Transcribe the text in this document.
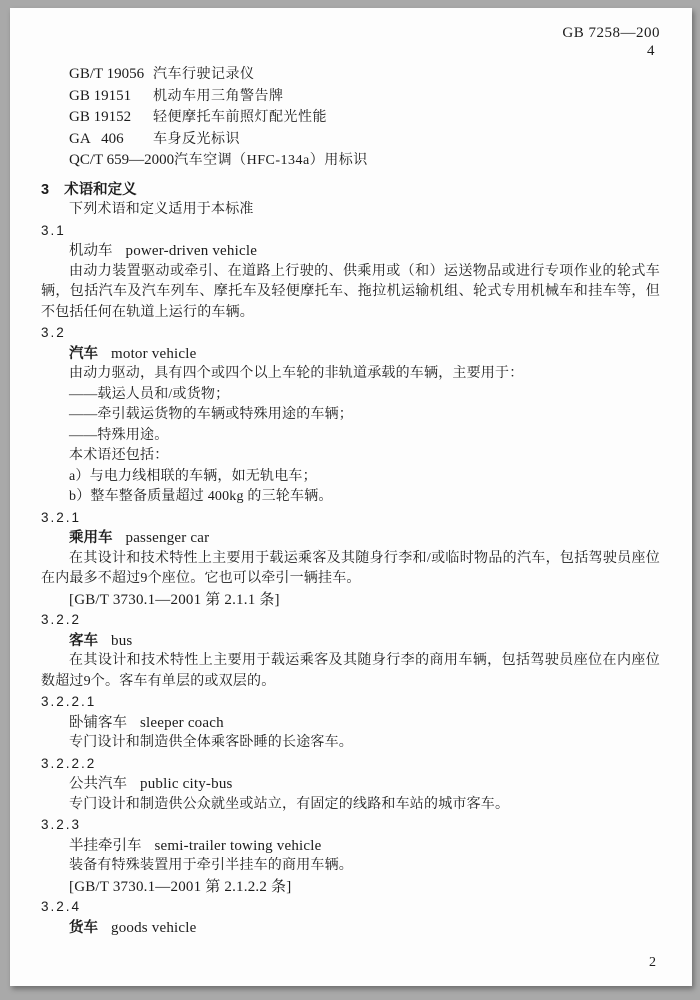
GB 7258—200
4
GB/T 19056 汽车行驶记录仪
GB 19151 机动车用三角警告牌
GB 19152 轻便摩托车前照灯配光性能
GA   406 车身反光标识
QC/T 659—2000汽车空调（HFC-134a）用标识
3 术语和定义

下列术语和定义适用于本标准

3.1
机动车 power-driven vehicle

由动力装置驱动或牵引、在道路上行驶的、供乘用或（和）运送物品或进行专项作业的轮式车辆，包括汽车及汽车列车、摩托车及轻便摩托车、拖拉机运输机组、轮式专用机械车和挂车等，但不包括任何在轨道上运行的车辆。

3.2
汽车 motor vehicle
由动力驱动，具有四个或四个以上车轮的非轨道承载的车辆，主要用于：
——载运人员和/或货物；
——牵引载运货物的车辆或特殊用途的车辆；
——特殊用途。
本术语还包括：
a）与电力线相联的车辆，如无轨电车；
b）整车整备质量超过 400kg 的三轮车辆。
3.2.1
乘用车 passenger car

在其设计和技术特性上主要用于载运乘客及其随身行李和/或临时物品的汽车，包括驾驶员座位在内最多不超过9个座位。它也可以牵引一辆挂车。

[GB/T 3730.1—2001 第 2.1.1 条]
3.2.2
客车 bus

在其设计和技术特性上主要用于载运乘客及其随身行李的商用车辆，包括驾驶员座位在内座位数超过9个。客车有单层的或双层的。

3.2.2.1
卧铺客车 sleeper coach

专门设计和制造供全体乘客卧睡的长途客车。

3.2.2.2
公共汽车 public city-bus

专门设计和制造供公众就坐或站立，有固定的线路和车站的城市客车。

3.2.3
半挂牵引车 semi-trailer towing vehicle

装备有特殊装置用于牵引半挂车的商用车辆。

[GB/T 3730.1—2001 第 2.1.2.2 条]
3.2.4
货车 goods vehicle
2
